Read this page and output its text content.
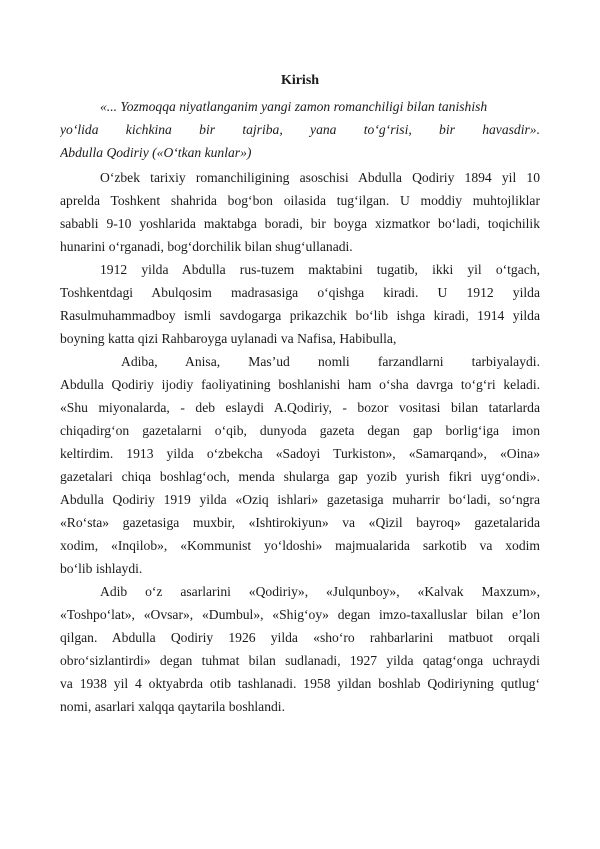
Kirish
«... Yozmoqqa niyatlanganim yangi zamon romanchiligi bilan tanishish
yo‘lida kichkina bir tajriba, yana to‘g‘risi, bir havasdir».
Abdulla Qodiriy («O‘tkan kunlar»)
O‘zbek tarixiy romanchiligining asoschisi Abdulla Qodiriy 1894 yil 10
aprelda Toshkent shahrida bog‘bon oilasida tug‘ilgan. U moddiy muhtojliklar
sababli 9-10 yoshlarida maktabga boradi, bir boyga xizmatkor bo‘ladi, toqichilik
hunarini o‘rganadi, bog‘dorchilik bilan shug‘ullanadi.
1912 yilda Abdulla rus-tuzem maktabini tugatib, ikki yil o‘tgach,
Toshkentdagi Abulqosim madrasasiga o‘qishga kiradi. U 1912 yilda
Rasulmuhammadboy ismli savdogarga prikazchik bo‘lib ishga kiradi, 1914 yilda
boyning katta qizi Rahbaroyga uylanadi va Nafisa, Habibulla,
Adiba, Anisa, Mas’ud nomli farzandlarni tarbiyalaydi.
Abdulla Qodiriy ijodiy faoliyatining boshlanishi ham o‘sha davrga to‘g‘ri keladi.
«Shu miyonalarda, - deb eslaydi A.Qodiriy, - bozor vositasi bilan tatarlarda
chiqadirg‘on gazetalarni o‘qib, dunyoda gazeta degan gap borlig‘iga imon
keltirdim. 1913 yilda o‘zbekcha «Sadoyi Turkiston», «Samarqand», «Oina»
gazetalari chiqa boshlag‘och, menda shularga gap yozib yurish fikri uyg‘ondi».
Abdulla Qodiriy 1919 yilda «Oziq ishlari» gazetasiga muharrir bo‘ladi, so‘ngra
«Ro‘sta» gazetasiga muxbir, «Ishtirokiyun» va «Qizil bayroq» gazetalarida
xodim, «Inqilob», «Kommunist yo‘ldoshi» majmualarida sarkotib va xodim
bo‘lib ishlaydi.
Adib o‘z asarlarini «Qodiriy», «Julqunboy», «Kalvak Maxzum»,
«Toshpo‘lat», «Ovsar», «Dumbul», «Shig‘oy» degan imzo-taxalluslar bilan e’lon
qilgan. Abdulla Qodiriy 1926 yilda «sho‘ro rahbarlarini matbuot orqali
obro‘sizlantirdi» degan tuhmat bilan sudlanadi, 1927 yilda qatag‘onga uchraydi
va 1938 yil 4 oktyabrda otib tashlanadi. 1958 yildan boshlab Qodiriyning qutlug‘
nomi, asarlari xalqqa qaytarila boshlandi.
